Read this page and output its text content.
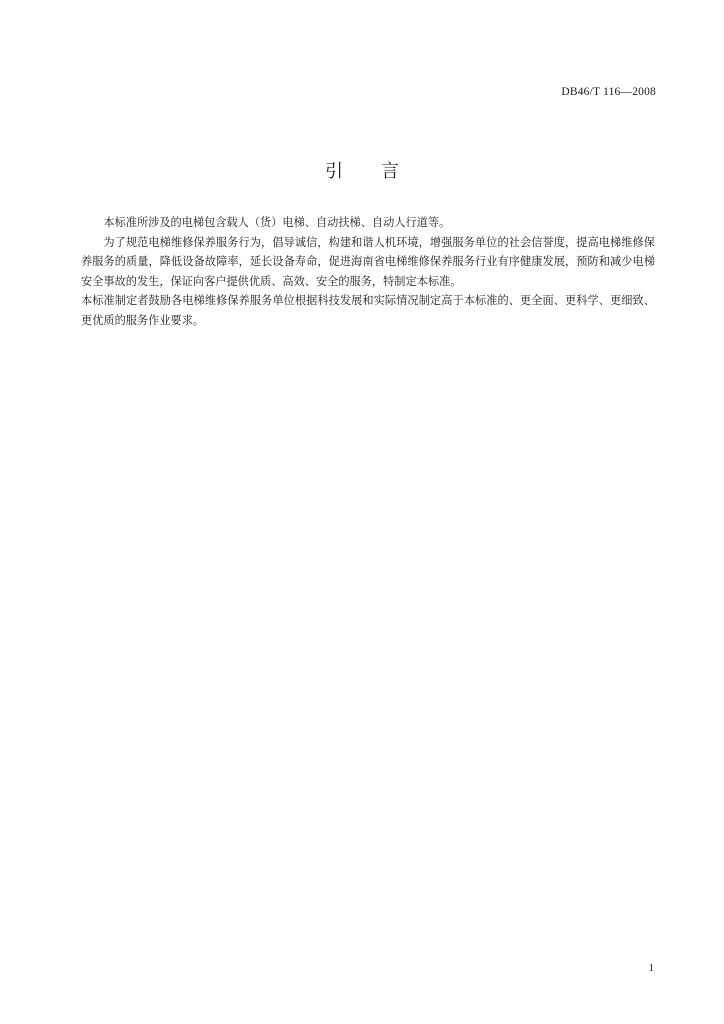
DB46/T 116—2008
引言

本标准所涉及的电梯包含载人（货）电梯、自动扶梯、自动人行道等。

为了规范电梯维修保养服务行为，倡导诚信，构建和谐人机环境，增强服务单位的社会信誉度，提高电梯维修保养服务的质量，降低设备故障率，延长设备寿命，促进海南省电梯维修保养服务行业有序健康发展，预防和减少电梯安全事故的发生，保证向客户提供优质、高效、安全的服务，特制定本标准。

本标准制定者鼓励各电梯维修保养服务单位根据科技发展和实际情况制定高于本标准的、更全面、更科学、更细致、更优质的服务作业要求。

1
